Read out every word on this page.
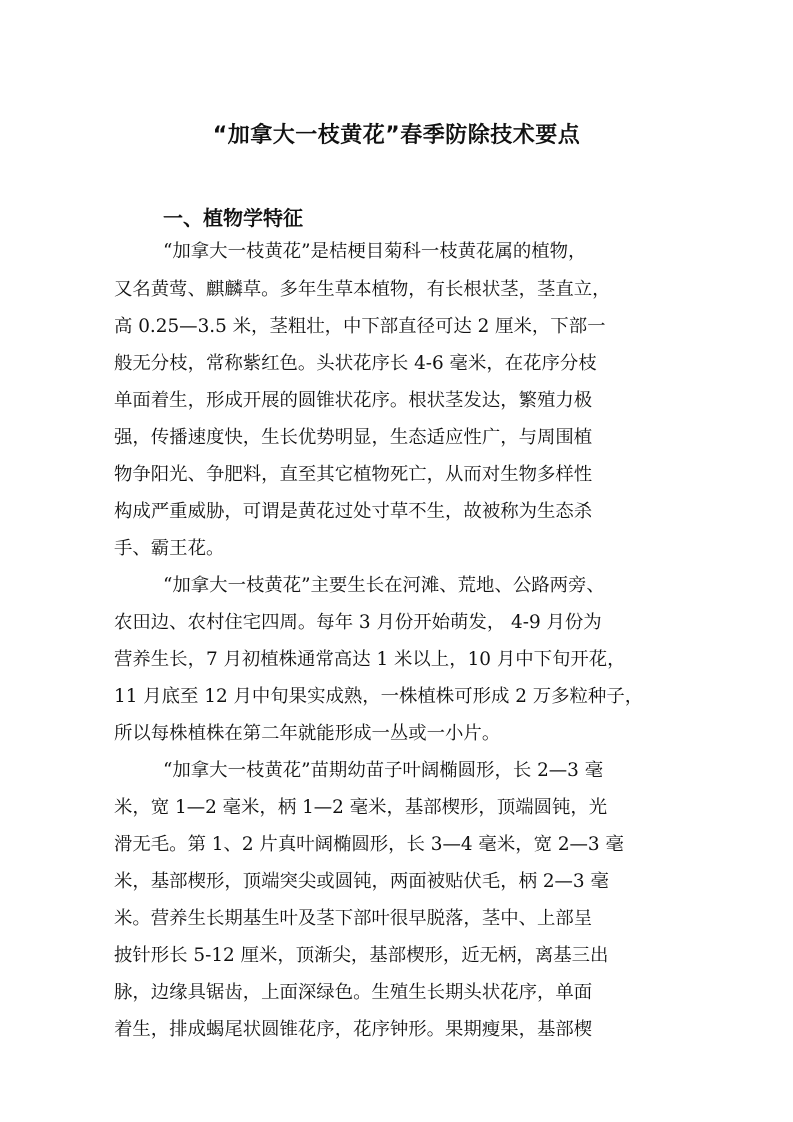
“加拿大一枝黄花”春季防除技术要点
一、植物学特征
“加拿大一枝黄花”是桔梗目菊科一枝黄花属的植物，
又名黄莺、麒麟草。多年生草本植物，有长根状茎，茎直立，
高 0.25—3.5 米，茎粗壮，中下部直径可达 2 厘米，下部一
般无分枝，常称紫红色。头状花序长 4-6 毫米，在花序分枝
单面着生，形成开展的圆锥状花序。根状茎发达，繁殖力极
强，传播速度快，生长优势明显，生态适应性广，与周围植
物争阳光、争肥料，直至其它植物死亡，从而对生物多样性
构成严重威胁，可谓是黄花过处寸草不生，故被称为生态杀
手、霸王花。
“加拿大一枝黄花”主要生长在河滩、荒地、公路两旁、
农田边、农村住宅四周。每年 3 月份开始萌发， 4-9 月份为
营养生长，7 月初植株通常高达 1 米以上，10 月中下旬开花，
11 月底至 12 月中旬果实成熟，一株植株可形成 2 万多粒种子，
所以每株植株在第二年就能形成一丛或一小片。
“加拿大一枝黄花”苗期幼苗子叶阔椭圆形，长 2—3 毫
米，宽 1—2 毫米，柄 1—2 毫米，基部楔形，顶端圆钝，光
滑无毛。第 1、2 片真叶阔椭圆形，长 3—4 毫米，宽 2—3 毫
米，基部楔形，顶端突尖或圆钝，两面被贴伏毛，柄 2—3 毫
米。营养生长期基生叶及茎下部叶很早脱落，茎中、上部呈
披针形长 5-12 厘米，顶渐尖，基部楔形，近无柄，离基三出
脉，边缘具锯齿，上面深绿色。生殖生长期头状花序，单面
着生，排成蝎尾状圆锥花序，花序钟形。果期瘦果，基部楔
